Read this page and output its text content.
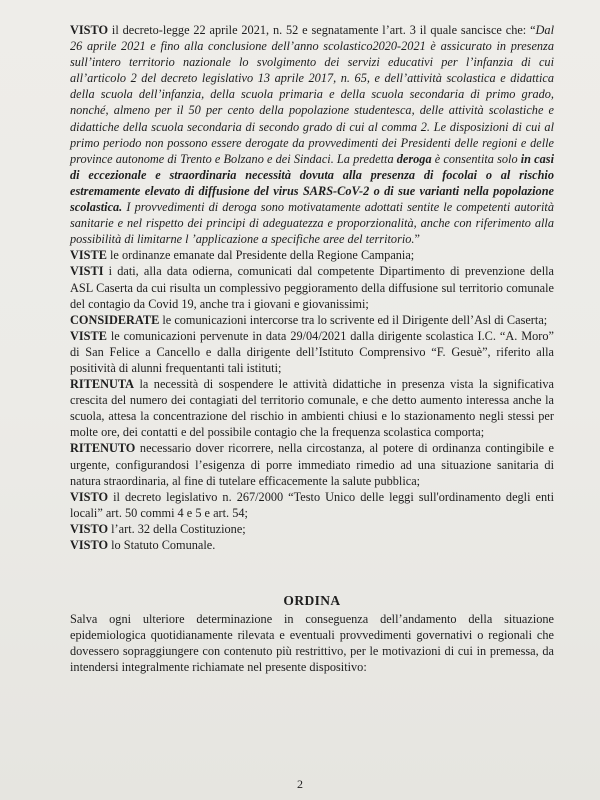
VISTO il decreto-legge 22 aprile 2021, n. 52 e segnatamente l’art. 3 il quale sancisce che: “Dal 26 aprile 2021 e fino alla conclusione dell’anno scolastico2020-2021 è assicurato in presenza sull’intero territorio nazionale lo svolgimento dei servizi educativi per l’infanzia di cui all’articolo 2 del decreto legislativo 13 aprile 2017, n. 65, e dell’attività scolastica e didattica della scuola dell’infanzia, della scuola primaria e della scuola secondaria di primo grado, nonché, almeno per il 50 per cento della popolazione studentesca, delle attività scolastiche e didattiche della scuola secondaria di secondo grado di cui al comma 2. Le disposizioni di cui al primo periodo non possono essere derogate da provvedimenti dei Presidenti delle regioni e delle province autonome di Trento e Bolzano e dei Sindaci. La predetta deroga è consentita solo in casi di eccezionale e straordinaria necessità dovuta alla presenza di focolai o al rischio estremamente elevato di diffusione del virus SARS-CoV-2 o di sue varianti nella popolazione scolastica. I provvedimenti di deroga sono motivatamente adottati sentite le competenti autorità sanitarie e nel rispetto dei principi di adeguatezza e proporzionalità, anche con riferimento alla possibilità di limitarne l ’applicazione a specifiche aree del territorio.”

VISTE le ordinanze emanate dal Presidente della Regione Campania;

VISTI i dati, alla data odierna, comunicati dal competente Dipartimento di prevenzione della ASL Caserta da cui risulta un complessivo peggioramento della diffusione sul territorio comunale del contagio da Covid 19, anche tra i giovani e giovanissimi;

CONSIDERATE le comunicazioni intercorse tra lo scrivente ed il Dirigente dell’Asl di Caserta;

VISTE le comunicazioni pervenute in data 29/04/2021 dalla dirigente scolastica I.C. “A. Moro” di San Felice a Cancello e dalla dirigente dell’Istituto Comprensivo “F. Gesuè”, riferito alla positività di alunni frequentanti tali istituti;

RITENUTA la necessità di sospendere le attività didattiche in presenza vista la significativa crescita del numero dei contagiati del territorio comunale, e che detto aumento interessa anche la scuola, attesa la concentrazione del rischio in ambienti chiusi e lo stazionamento negli stessi per molte ore, dei contatti e del possibile contagio che la frequenza scolastica comporta;

RITENUTO necessario dover ricorrere, nella circostanza, al potere di ordinanza contingibile e urgente, configurandosi l’esigenza di porre immediato rimedio ad una situazione sanitaria di natura straordinaria, al fine di tutelare efficacemente la salute pubblica;

VISTO il decreto legislativo n. 267/2000 “Testo Unico delle leggi sull'ordinamento degli enti locali” art. 50 commi 4 e 5 e art. 54;

VISTO l’art. 32 della Costituzione;

VISTO lo Statuto Comunale.

ORDINA

Salva ogni ulteriore determinazione in conseguenza dell’andamento della situazione epidemiologica quotidianamente rilevata e eventuali provvedimenti governativi o regionali che dovessero sopraggiungere con contenuto più restrittivo, per le motivazioni di cui in premessa, da intendersi integralmente richiamate nel presente dispositivo:

2
